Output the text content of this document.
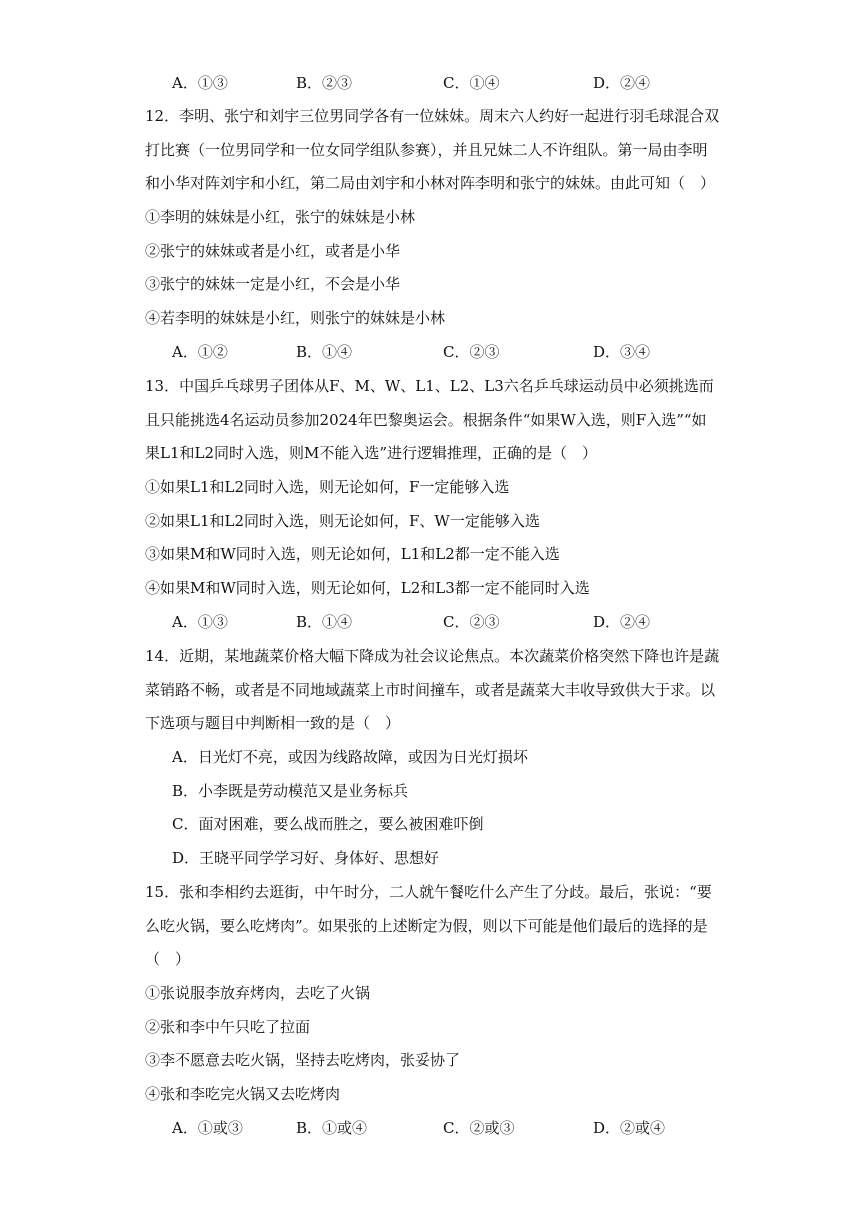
A．①③	B．②③	C．①④	D．②④
12．李明、张宁和刘宇三位男同学各有一位妹妹。周末六人约好一起进行羽毛球混合双
打比赛（一位男同学和一位女同学组队参赛），并且兄妹二人不许组队。第一局由李明
和小华对阵刘宇和小红，第二局由刘宇和小林对阵李明和张宁的妹妹。由此可知（　）
①李明的妹妹是小红，张宁的妹妹是小林
②张宁的妹妹或者是小红，或者是小华
③张宁的妹妹一定是小红，不会是小华
④若李明的妹妹是小红，则张宁的妹妹是小林
A．①②	B．①④	C．②③	D．③④
13．中国乒乓球男子团体从F、M、W、L1、L2、L3六名乒乓球运动员中必须挑选而
且只能挑选4名运动员参加2024年巴黎奥运会。根据条件“如果W入选，则F入选”“如
果L1和L2同时入选，则M不能入选”进行逻辑推理，正确的是（　）
①如果L1和L2同时入选，则无论如何，F一定能够入选
②如果L1和L2同时入选，则无论如何，F、W一定能够入选
③如果M和W同时入选，则无论如何，L1和L2都一定不能入选
④如果M和W同时入选，则无论如何，L2和L3都一定不能同时入选
A．①③	B．①④	C．②③	D．②④
14．近期，某地蔬菜价格大幅下降成为社会议论焦点。本次蔬菜价格突然下降也许是蔬
菜销路不畅，或者是不同地域蔬菜上市时间撞车，或者是蔬菜大丰收导致供大于求。以
下选项与题目中判断相一致的是（　）
A．日光灯不亮，或因为线路故障，或因为日光灯损坏
B．小李既是劳动模范又是业务标兵
C．面对困难，要么战而胜之，要么被困难吓倒
D．王晓平同学学习好、身体好、思想好
15．张和李相约去逛街，中午时分，二人就午餐吃什么产生了分歧。最后，张说：“要
么吃火锅，要么吃烤肉”。如果张的上述断定为假，则以下可能是他们最后的选择的是
（　）
①张说服李放弃烤肉，去吃了火锅
②张和李中午只吃了拉面
③李不愿意去吃火锅，坚持去吃烤肉，张妥协了
④张和李吃完火锅又去吃烤肉
A．①或③	B．①或④	C．②或③	D．②或④
